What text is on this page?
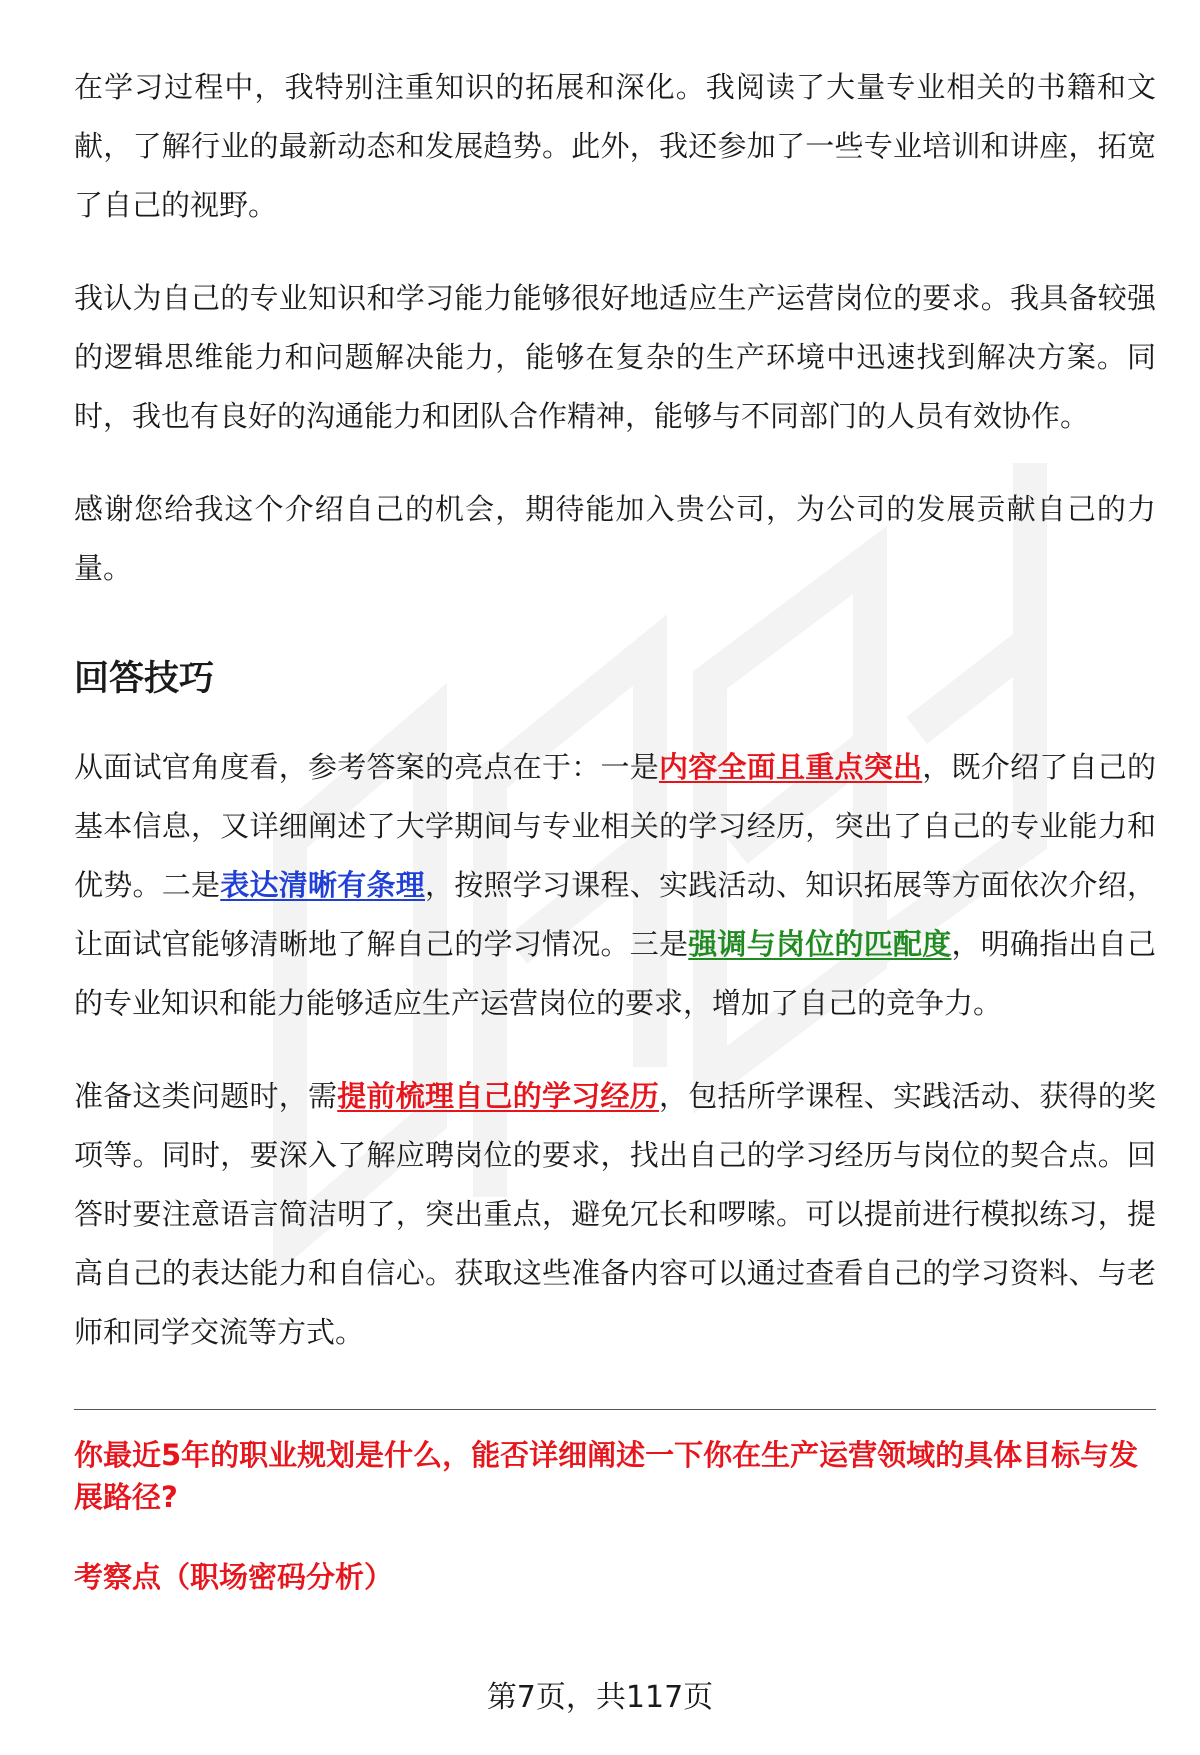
在学习过程中，我特别注重知识的拓展和深化。我阅读了大量专业相关的书籍和文献，了解行业的最新动态和发展趋势。此外，我还参加了一些专业培训和讲座，拓宽了自己的视野。

我认为自己的专业知识和学习能力能够很好地适应生产运营岗位的要求。我具备较强的逻辑思维能力和问题解决能力，能够在复杂的生产环境中迅速找到解决方案。同时，我也有良好的沟通能力和团队合作精神，能够与不同部门的人员有效协作。

感谢您给我这个介绍自己的机会，期待能加入贵公司，为公司的发展贡献自己的力量。

回答技巧

从面试官角度看，参考答案的亮点在于：一是内容全面且重点突出，既介绍了自己的基本信息，又详细阐述了大学期间与专业相关的学习经历，突出了自己的专业能力和优势。二是表达清晰有条理，按照学习课程、实践活动、知识拓展等方面依次介绍，让面试官能够清晰地了解自己的学习情况。三是强调与岗位的匹配度，明确指出自己的专业知识和能力能够适应生产运营岗位的要求，增加了自己的竞争力。

准备这类问题时，需提前梳理自己的学习经历，包括所学课程、实践活动、获得的奖项等。同时，要深入了解应聘岗位的要求，找出自己的学习经历与岗位的契合点。回答时要注意语言简洁明了，突出重点，避免冗长和啰嗦。可以提前进行模拟练习，提高自己的表达能力和自信心。获取这些准备内容可以通过查看自己的学习资料、与老师和同学交流等方式。

你最近5年的职业规划是什么，能否详细阐述一下你在生产运营领域的具体目标与发展路径?

考察点（职场密码分析）

第7页，共117页
